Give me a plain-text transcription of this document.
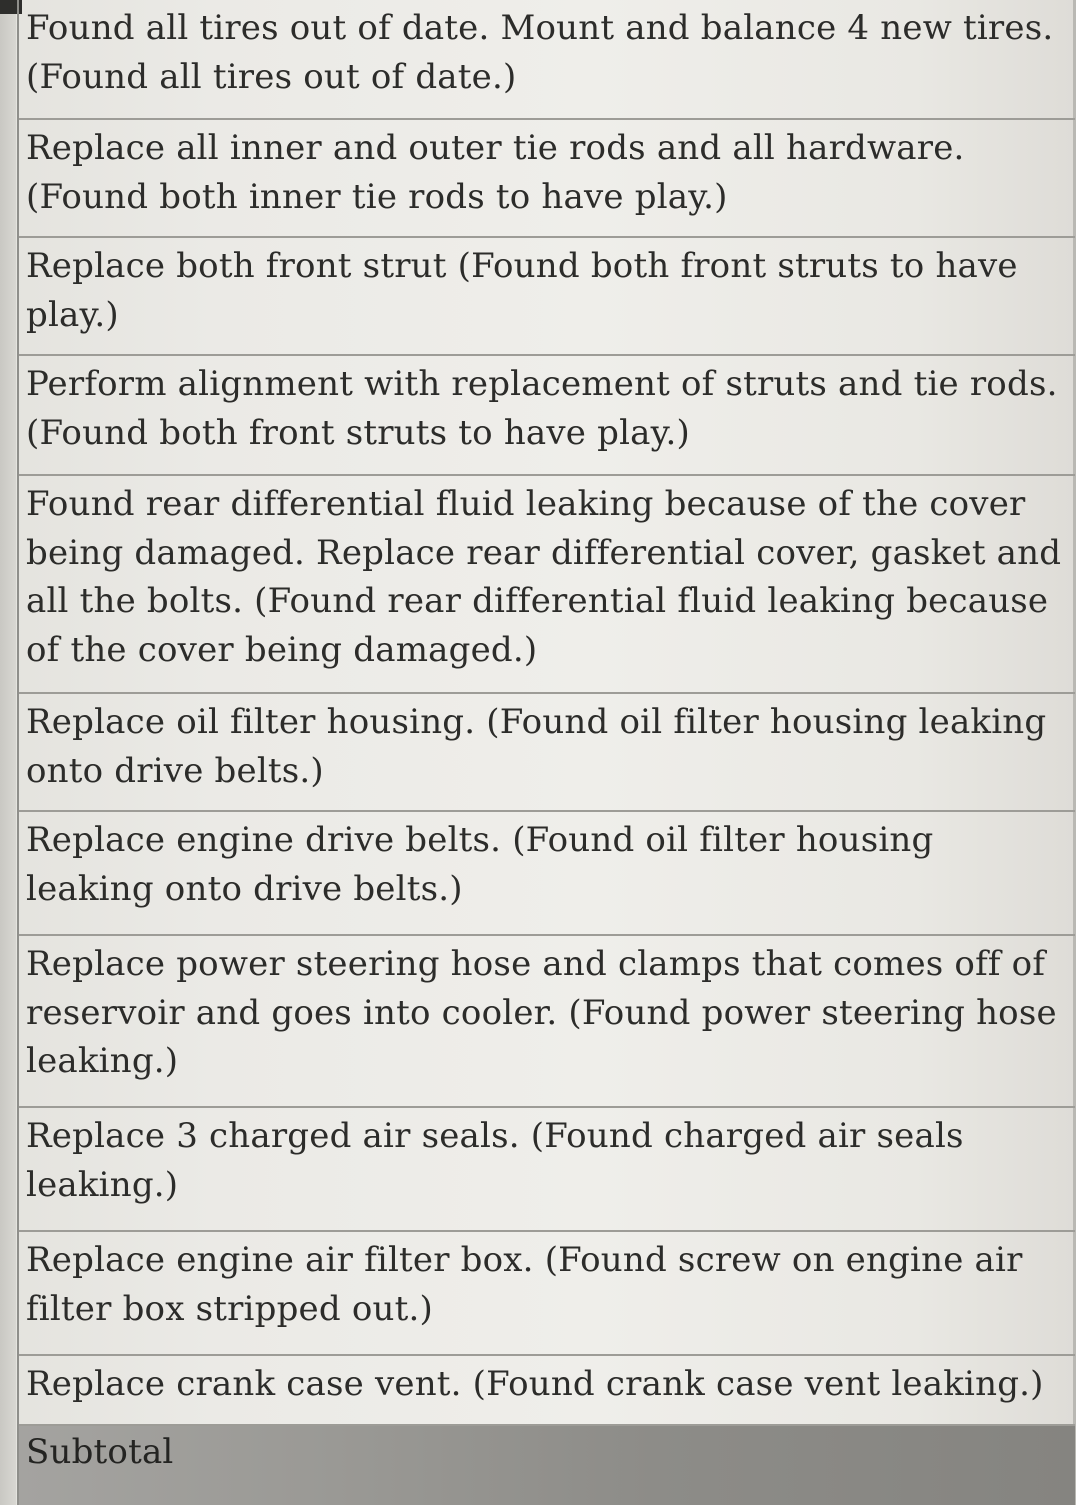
Found all tires out of date. Mount and balance 4 new tires. (Found all tires out of date.)
Replace all inner and outer tie rods and all hardware. (Found both inner tie rods to have play.)
Replace both front strut (Found both front struts to have play.)
Perform alignment with replacement of struts and tie rods. (Found both front struts to have play.)
Found rear differential fluid leaking because of the cover being damaged. Replace rear differential cover, gasket and all the bolts. (Found rear differential fluid leaking because of the cover being damaged.)
Replace oil filter housing. (Found oil filter housing leaking onto drive belts.)
Replace engine drive belts. (Found oil filter housing leaking onto drive belts.)
Replace power steering hose and clamps that comes off of reservoir and goes into cooler. (Found power steering hose leaking.)
Replace 3 charged air seals. (Found charged air seals leaking.)
Replace engine air filter box. (Found screw on engine air filter box stripped out.)
Replace crank case vent. (Found crank case vent leaking.)
Subtotal
